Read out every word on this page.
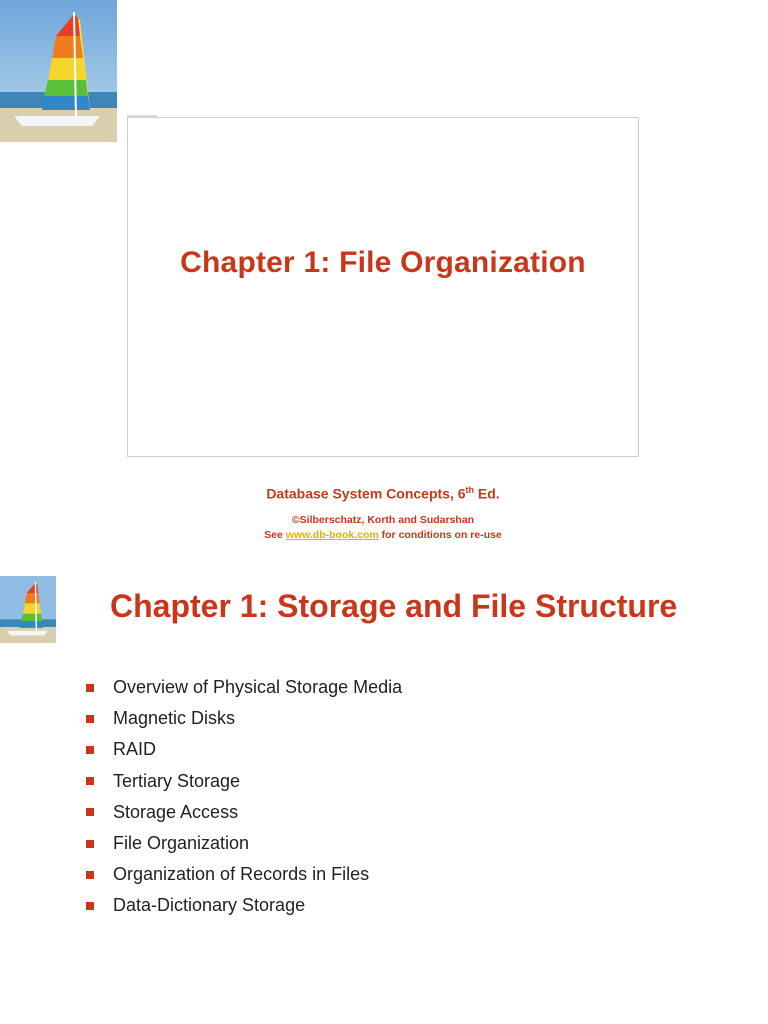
Chapter 1: File Organization
Database System Concepts, 6th Ed.
©Silberschatz, Korth and Sudarshan
See www.db-book.com for conditions on re-use
Chapter 1: Storage and File Structure
Overview of Physical Storage Media
Magnetic Disks
RAID
Tertiary Storage
Storage Access
File Organization
Organization of Records in Files
Data-Dictionary Storage
